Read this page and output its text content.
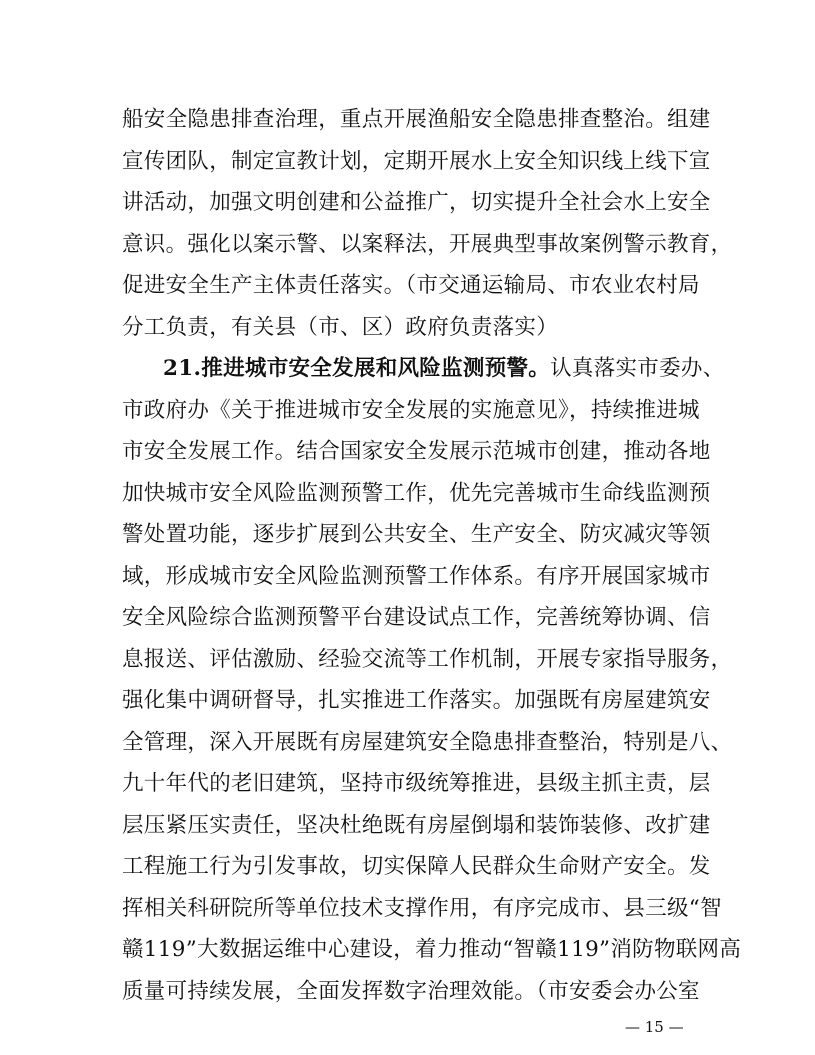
船安全隐患排查治理，重点开展渔船安全隐患排查整治。组建
宣传团队，制定宣教计划，定期开展水上安全知识线上线下宣
讲活动，加强文明创建和公益推广，切实提升全社会水上安全
意识。强化以案示警、以案释法，开展典型事故案例警示教育，
促进安全生产主体责任落实。（市交通运输局、市农业农村局
分工负责，有关县（市、区）政府负责落实）
21.推进城市安全发展和风险监测预警。认真落实市委办、
市政府办《关于推进城市安全发展的实施意见》，持续推进城
市安全发展工作。结合国家安全发展示范城市创建，推动各地
加快城市安全风险监测预警工作，优先完善城市生命线监测预
警处置功能，逐步扩展到公共安全、生产安全、防灾减灾等领
域，形成城市安全风险监测预警工作体系。有序开展国家城市
安全风险综合监测预警平台建设试点工作，完善统筹协调、信
息报送、评估激励、经验交流等工作机制，开展专家指导服务，
强化集中调研督导，扎实推进工作落实。加强既有房屋建筑安
全管理，深入开展既有房屋建筑安全隐患排查整治，特别是八、
九十年代的老旧建筑，坚持市级统筹推进，县级主抓主责，层
层压紧压实责任，坚决杜绝既有房屋倒塌和装饰装修、改扩建
工程施工行为引发事故，切实保障人民群众生命财产安全。发
挥相关科研院所等单位技术支撑作用，有序完成市、县三级“智
赣119”大数据运维中心建设，着力推动“智赣119”消防物联网高
— 15 —
质量可持续发展，全面发挥数字治理效能。（市安委会办公室
